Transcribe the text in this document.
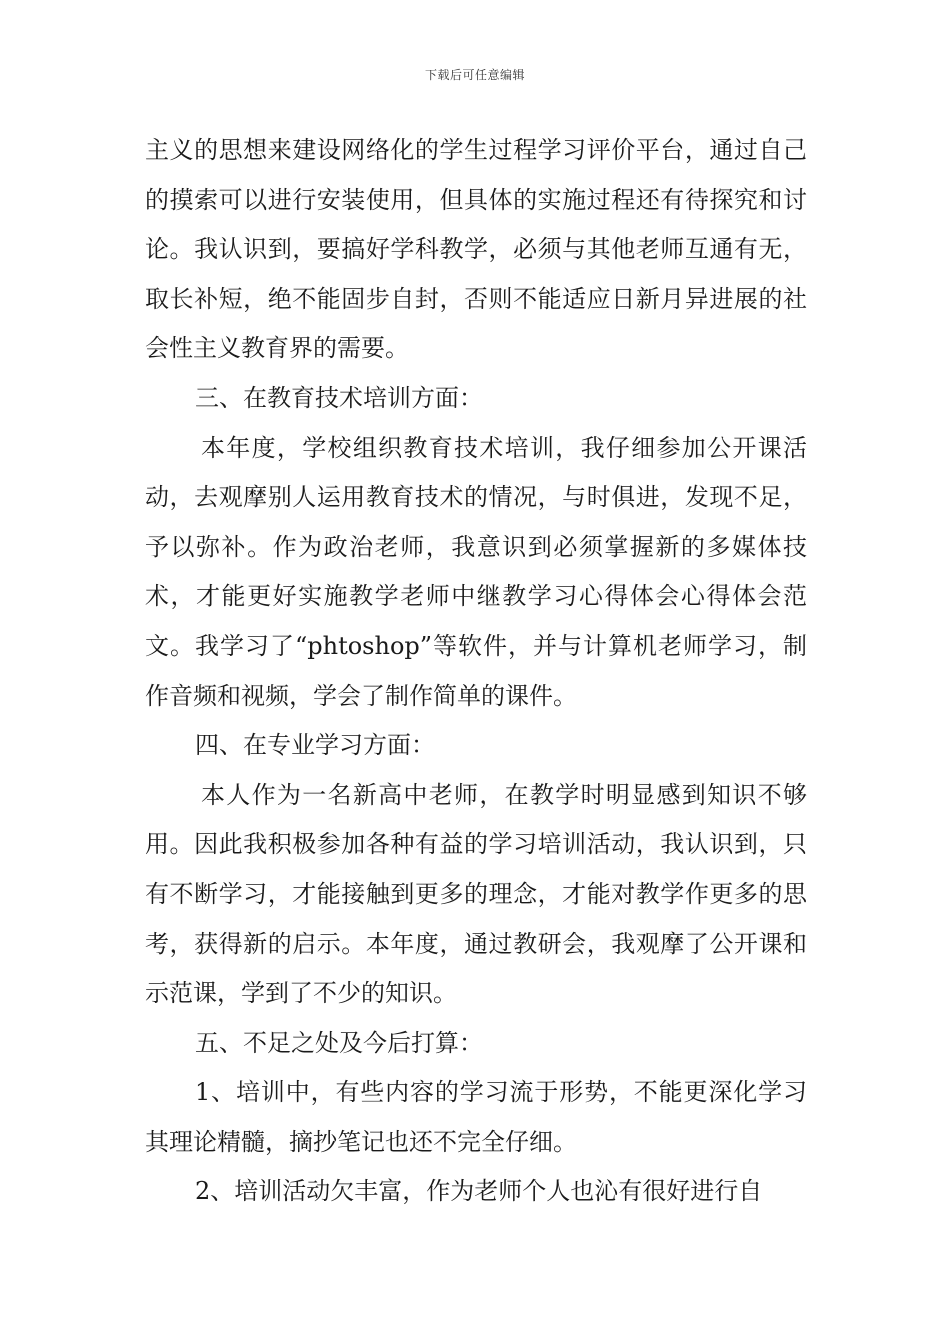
下载后可任意编辑

主义的思想来建设网络化的学生过程学习评价平台，通过自己的摸索可以进行安装使用，但具体的实施过程还有待探究和讨论。我认识到，要搞好学科教学，必须与其他老师互通有无，取长补短，绝不能固步自封，否则不能适应日新月异进展的社会性主义教育界的需要。

三、在教育技术培训方面：

本年度，学校组织教育技术培训，我仔细参加公开课活动，去观摩别人运用教育技术的情况，与时俱进，发现不足，予以弥补。作为政治老师，我意识到必须掌握新的多媒体技术，才能更好实施教学老师中继教学习心得体会心得体会范文。我学习了“phtoshop”等软件，并与计算机老师学习，制作音频和视频，学会了制作简单的课件。

四、在专业学习方面：

本人作为一名新高中老师，在教学时明显感到知识不够用。因此我积极参加各种有益的学习培训活动，我认识到，只有不断学习，才能接触到更多的理念，才能对教学作更多的思考，获得新的启示。本年度，通过教研会，我观摩了公开课和示范课，学到了不少的知识。

五、不足之处及今后打算：

1、培训中，有些内容的学习流于形势，不能更深化学习其理论精髓，摘抄笔记也还不完全仔细。

2、培训活动欠丰富，作为老师个人也沁有很好进行自
